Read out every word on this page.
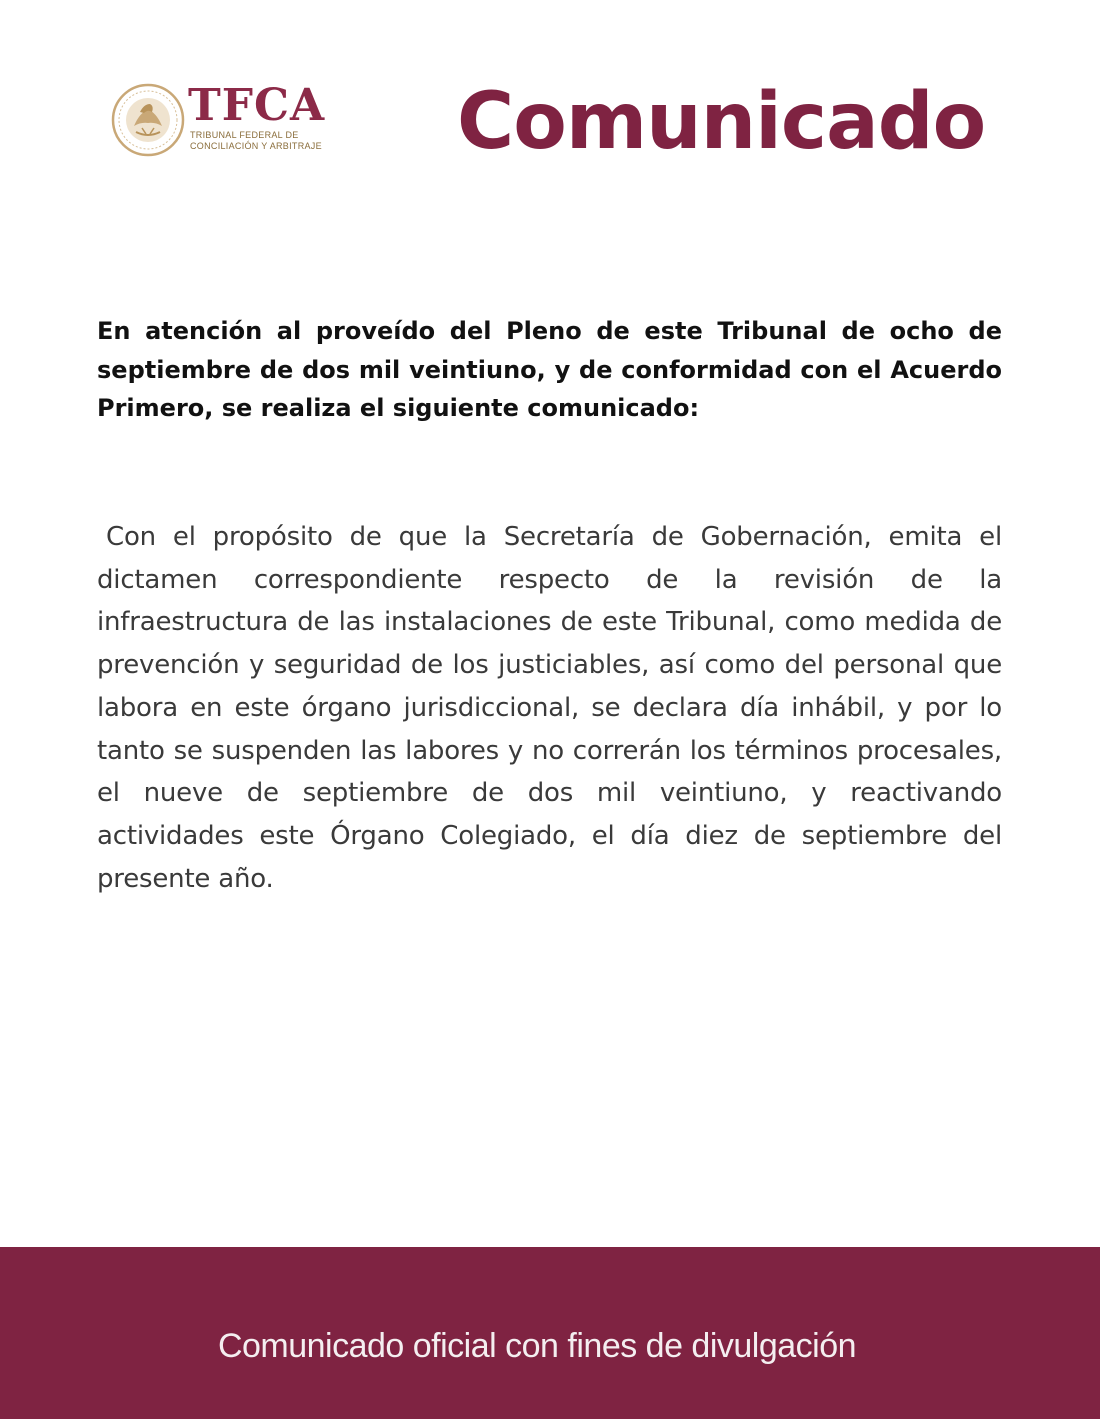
TFCA
TRIBUNAL FEDERAL DE
CONCILIACIÓN Y ARBITRAJE Comunicado

En atención al proveído del Pleno de este Tribunal de ocho de septiembre de dos mil veintiuno, y de conformidad con el Acuerdo Primero, se realiza el siguiente comunicado:

Con el propósito de que la Secretaría de Gobernación, emita el dictamen correspondiente respecto de la revisión de la infraestructura de las instalaciones de este Tribunal, como medida de prevención y seguridad de los justiciables, así como del personal que labora en este órgano jurisdiccional, se declara día inhábil, y por lo tanto se suspenden las labores y no correrán los términos procesales, el nueve de septiembre de dos mil veintiuno, y reactivando actividades este Órgano Colegiado, el día diez de septiembre del presente año.

Comunicado oficial con fines de divulgación
